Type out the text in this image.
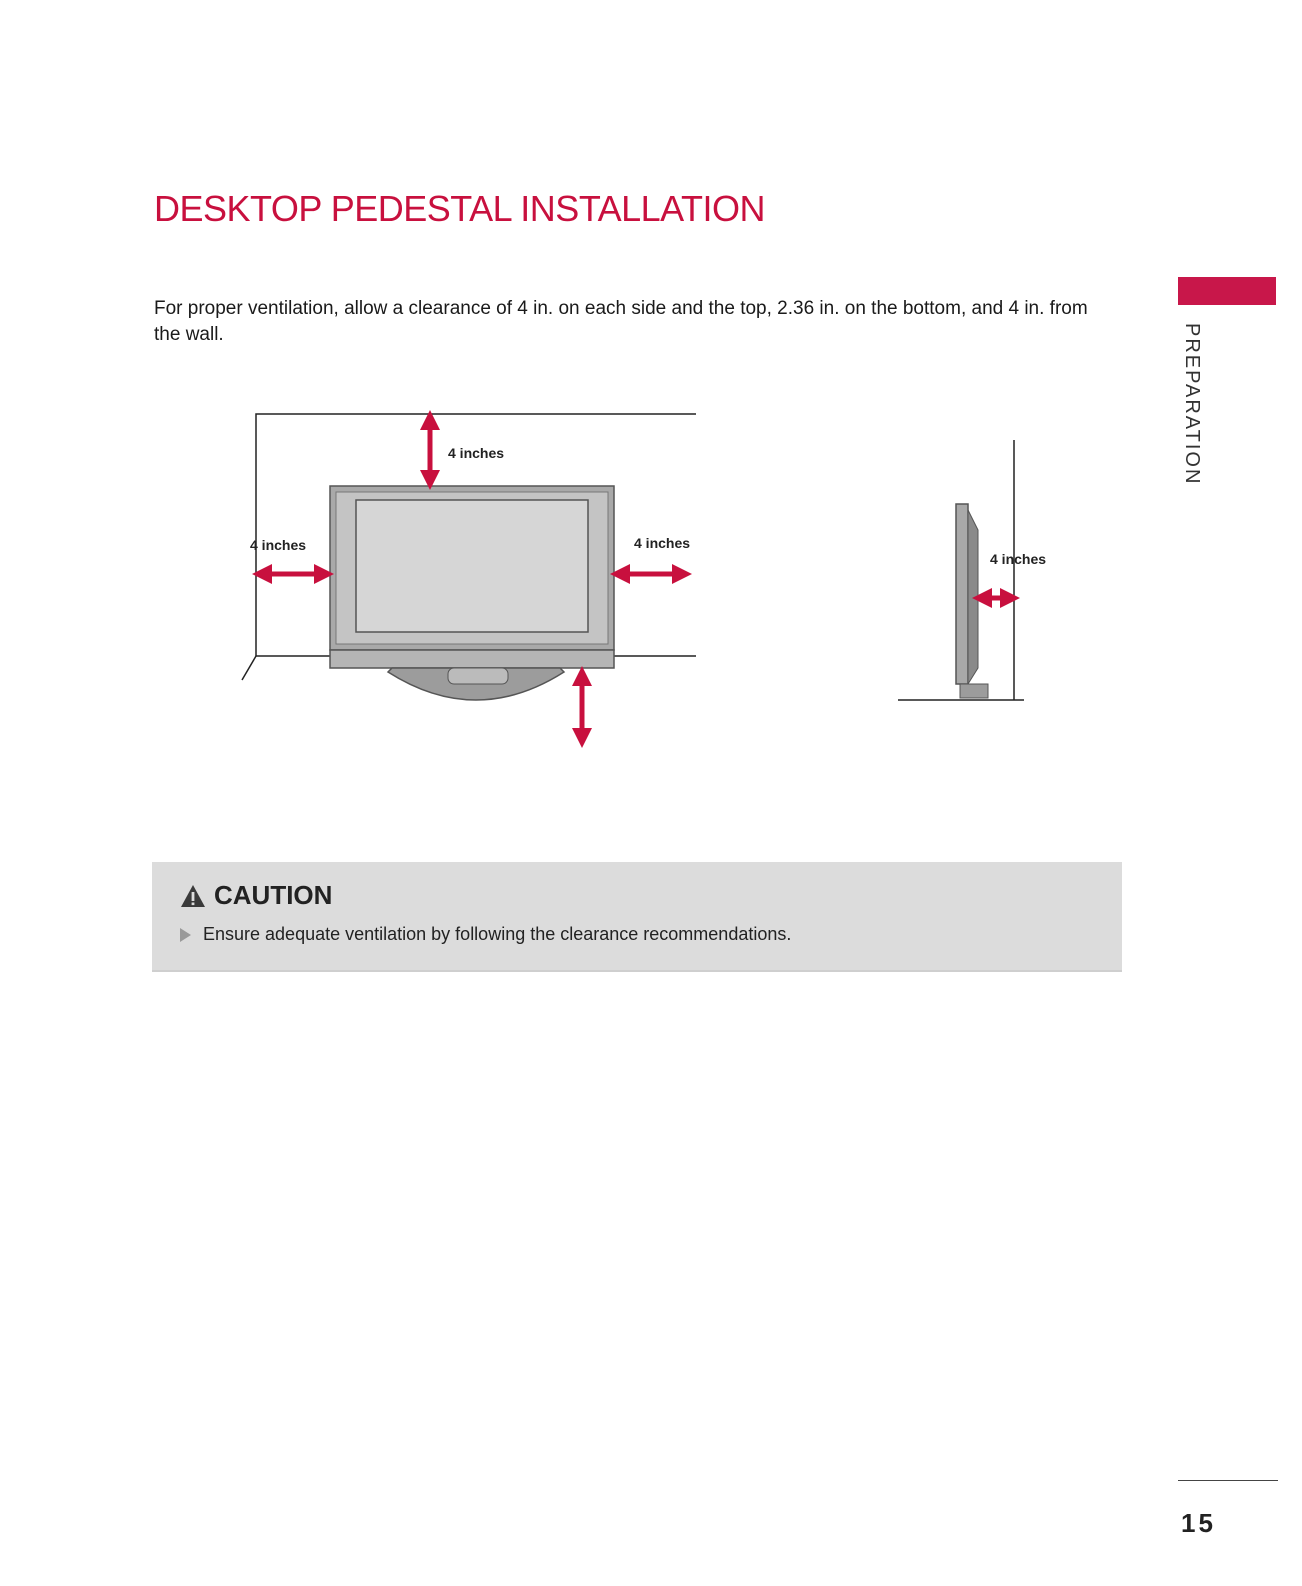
DESKTOP PEDESTAL INSTALLATION

For proper ventilation, allow a clearance of 4 in. on each side and the top, 2.36 in. on the bottom, and 4 in. from the wall.	PREPARATION
4 inches
4 inches	4 inches
4 inches
CAUTION
Ensure adequate ventilation by following the clearance recommendations.
15
